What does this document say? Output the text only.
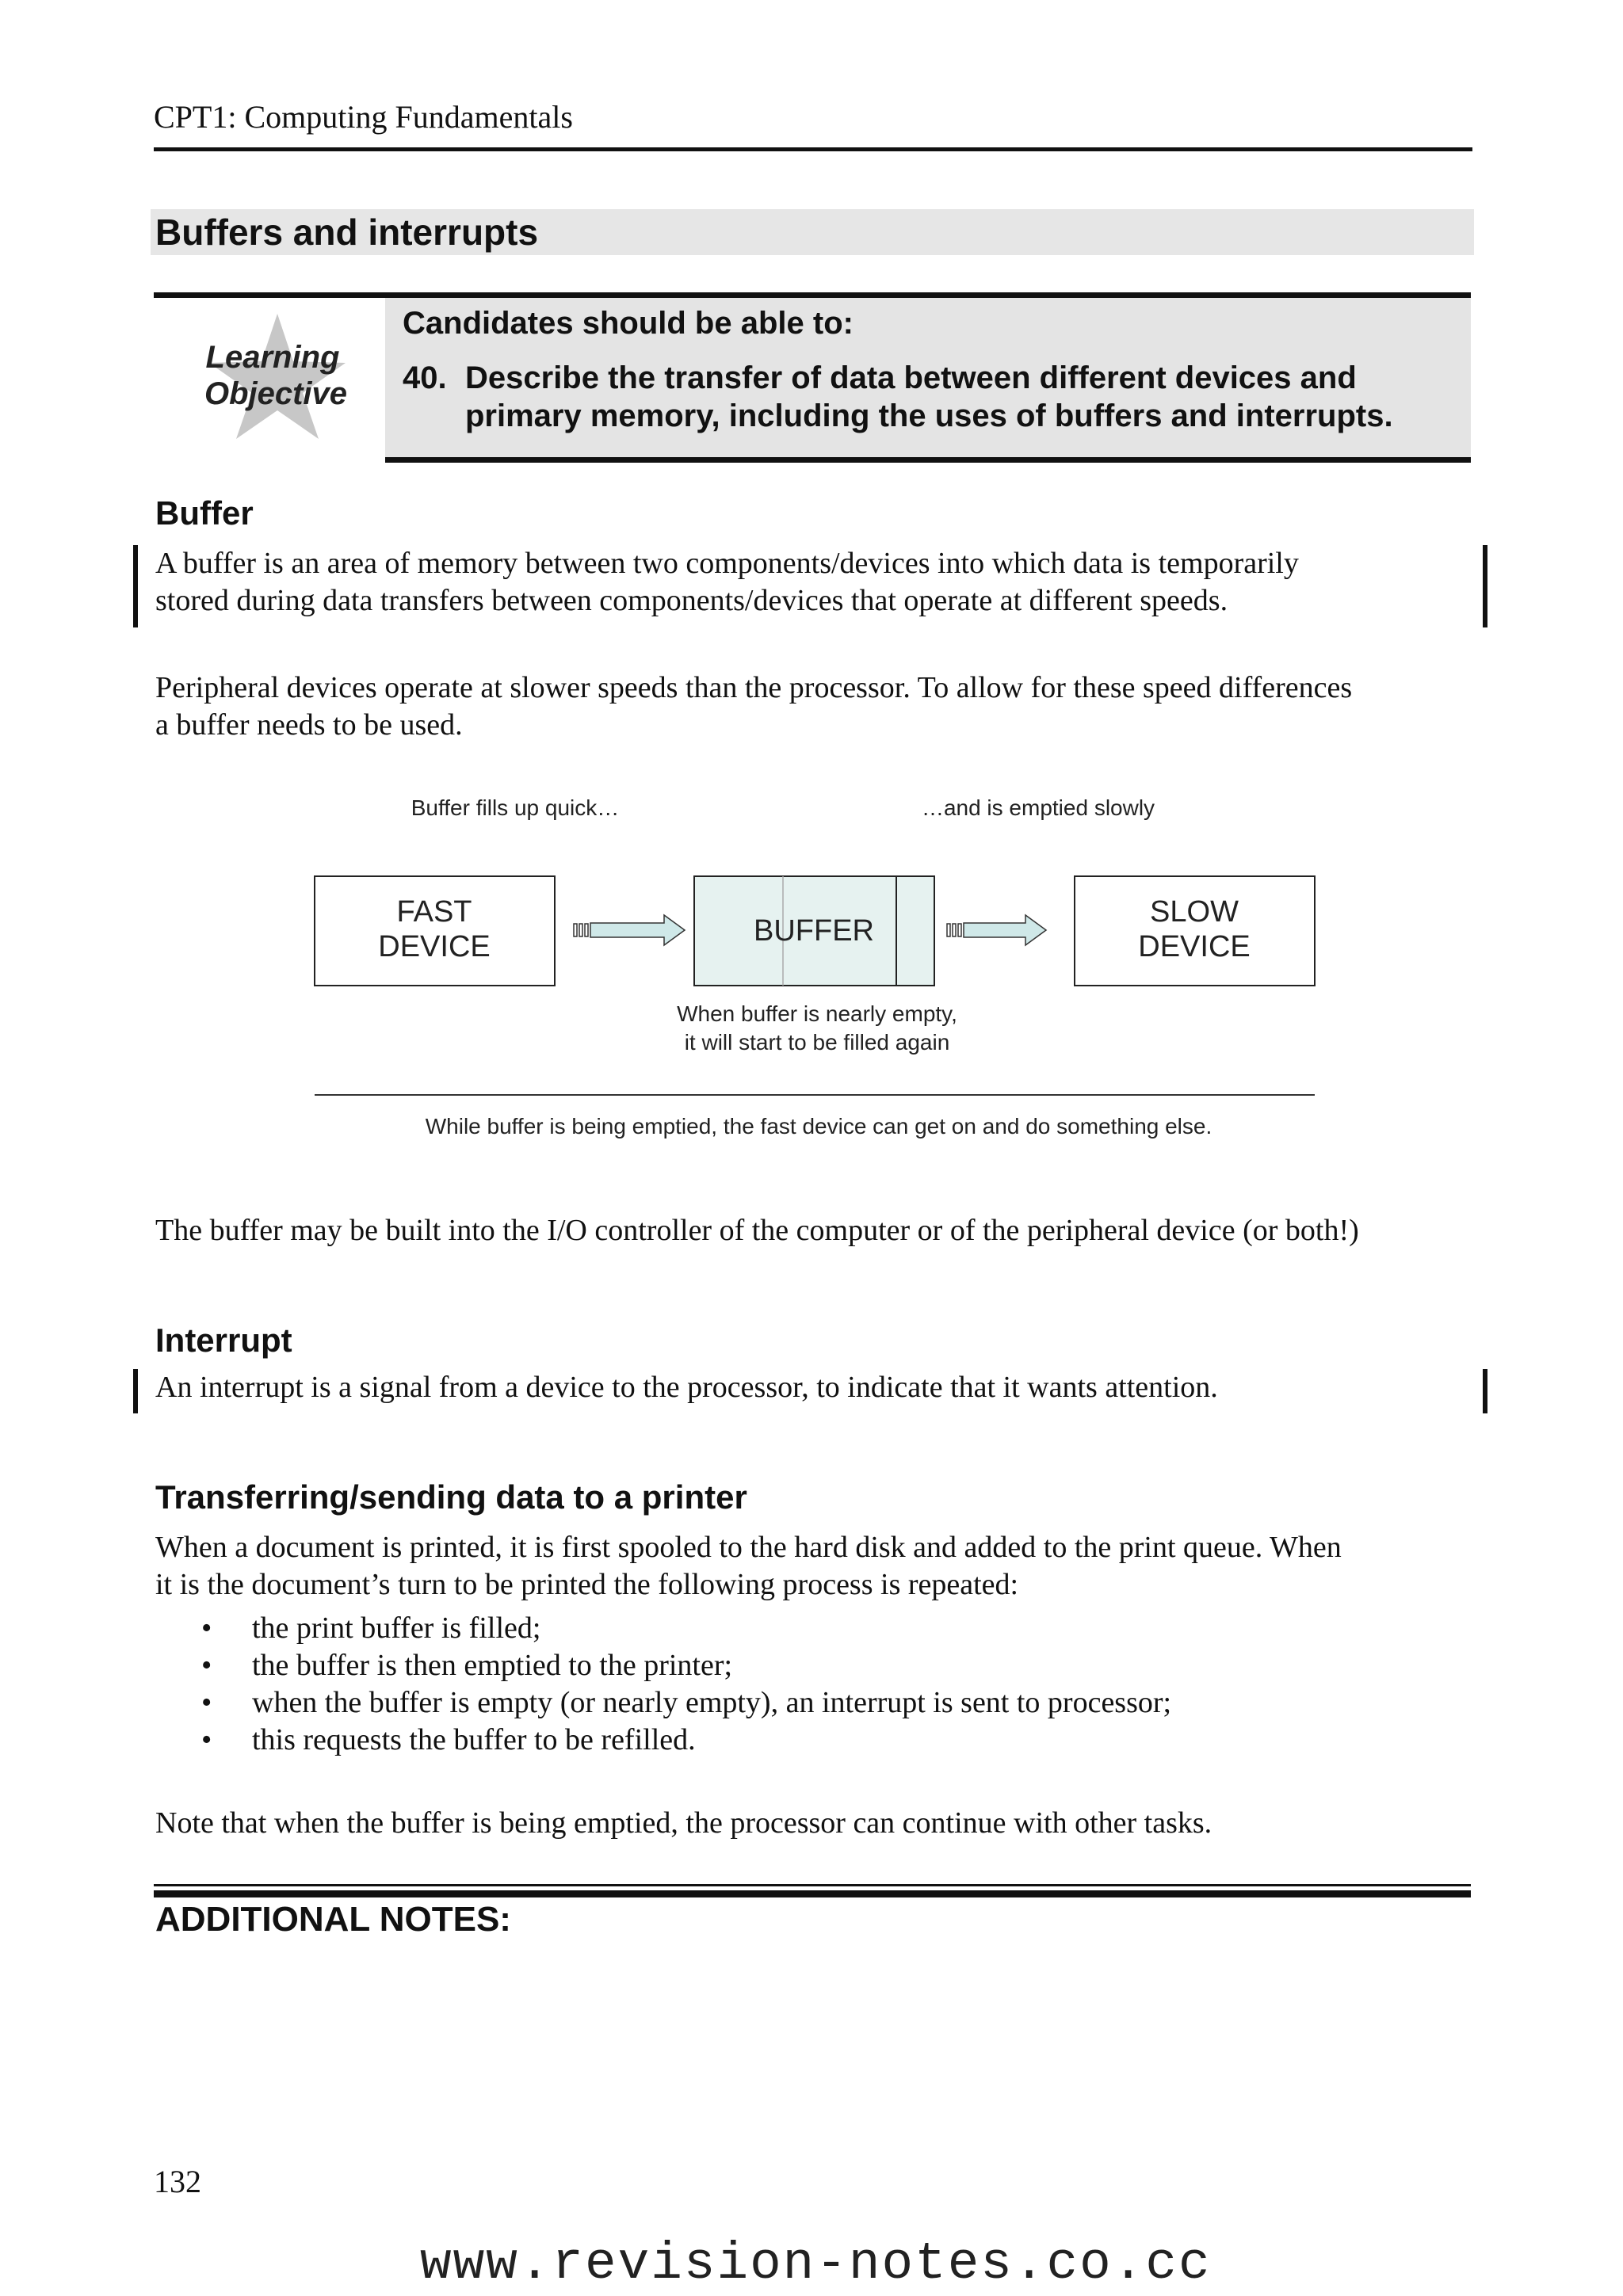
CPT1: Computing Fundamentals
Buffers and interrupts
Learning
Objective
Candidates should be able to:
40. Describe the transfer of data between different devices and
primary memory, including the uses of buffers and interrupts.
Buffer
A buffer is an area of memory between two components/devices into which data is temporarily
stored during data transfers between components/devices that operate at different speeds.
Peripheral devices operate at slower speeds than the processor. To allow for these speed differences
a buffer needs to be used.
Buffer fills up quick…	…and is emptied slowly
FAST
DEVICE	BUFFER
SLOW
DEVICE
When buffer is nearly empty,
it will start to be filled again
While buffer is being emptied, the fast device can get on and do something else.
The buffer may be built into the I/O controller of the computer or of the peripheral device (or both!)
Interrupt
An interrupt is a signal from a device to the processor, to indicate that it wants attention.
Transferring/sending data to a printer
When a document is printed, it is first spooled to the hard disk and added to the print queue. When
it is the document’s turn to be printed the following process is repeated:
• the print buffer is filled;
• the buffer is then emptied to the printer;
• when the buffer is empty (or nearly empty), an interrupt is sent to processor;
• this requests the buffer to be refilled.
Note that when the buffer is being emptied, the processor can continue with other tasks.
ADDITIONAL NOTES:
132
www.revision-notes.co.cc
